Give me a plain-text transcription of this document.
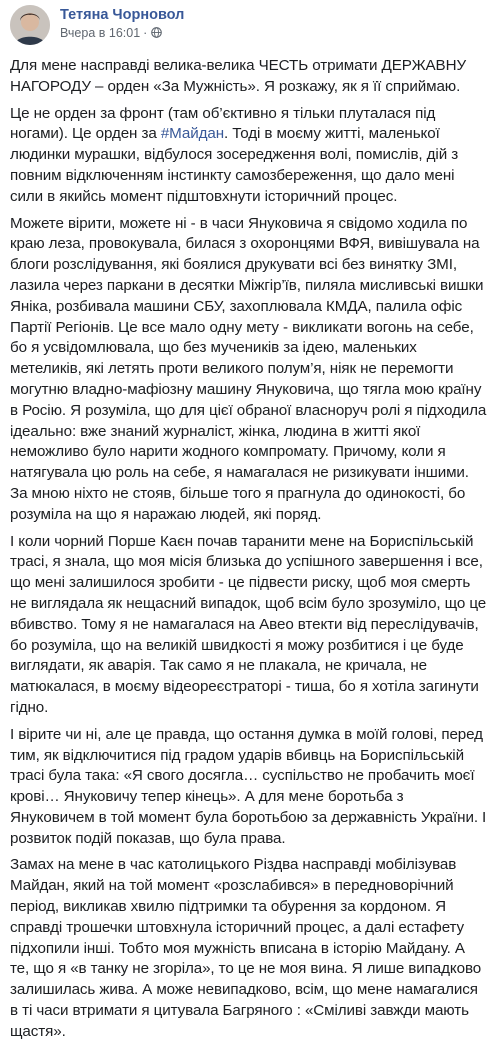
Тетяна Чорновол
Вчера в 16:01 ·

Для мене насправді велика-велика ЧЕСТЬ отримати ДЕРЖАВНУ НАГОРОДУ – орден «За Мужність». Я розкажу, як я її сприймаю.

Це не орден за фронт (там об’єктивно я тільки плуталася під ногами). Це орден за #Майдан. Тоді в моєму житті, маленької людинки мурашки, відбулося зосередження волі, помислів, дій з повним відключенням інстинкту самозбереження, що дало мені сили в якийсь момент підштовхнути історичний процес.

Можете вірити, можете ні - в часи Януковича я свідомо ходила по краю леза, провокувала, билася з охоронцями ВФЯ, вивішувала на блоги розслідування, які боялися друкувати всі без винятку ЗМІ, лазила через паркани в десятки Міжгір’їв, пиляла мисливські вишки Яніка, розбивала машини СБУ, захоплювала КМДА, палила офіс Партії Регіонів. Це все мало одну мету - викликати вогонь на себе, бо я усвідомлювала, що без мучеників за ідею, маленьких метеликів, які летять проти великого полум’я, ніяк не перемогти могутню владно-мафіозну машину Януковича, що тягла мою країну в Росію. Я розуміла, що для цієї обраної власноруч ролі я підходила ідеально: вже знаний журналіст, жінка, людина в житті якої неможливо було нарити жодного компромату. Причому, коли я натягувала цю роль на себе, я намагалася не ризикувати іншими. За мною ніхто не стояв, більше того я прагнула до одинокості, бо розуміла на що я наражаю людей, які поряд.

І коли чорний Порше Каєн почав таранити мене на Бориспільській трасі, я знала, що моя місія близька до успішного завершення і все, що мені залишилося зробити - це підвести риску, щоб моя смерть не виглядала як нещасний випадок, щоб всім було зрозуміло, що це вбивство. Тому я не намагалася на Авео втекти від переслідувачів, бо розуміла, що на великій швидкості я можу розбитися і це буде виглядати, як аварія. Так само я не плакала, не кричала, не матюкалася, в моєму відеореєстраторі - тиша, бо я хотіла загинути гідно.

І вірите чи ні, але це правда, що остання думка в моїй голові, перед тим, як відключитися під градом ударів вбивць на Бориспільській трасі була така: «Я свого досягла… суспільство не пробачить моєї крові… Януковичу тепер кінець». А для мене боротьба з Януковичем в той момент була боротьбою за державність України. І розвиток подій показав, що була права.

Замах на мене в час католицького Різдва насправді мобілізував Майдан, який на той момент «розслабився» в передноворічний період, викликав хвилю підтримки та обурення за кордоном. Я справді трошечки штовхнула історичний процес, а далі естафету підхопили інші. Тобто моя мужність вписана в історію Майдану. А те, що я «в танку не згоріла», то це не моя вина. Я лише випадково залишилась жива. А може невипадково, всім, що мене намагалися в ті часи втримати я цитувала Багряного : «Сміливі завжди мають щастя».
